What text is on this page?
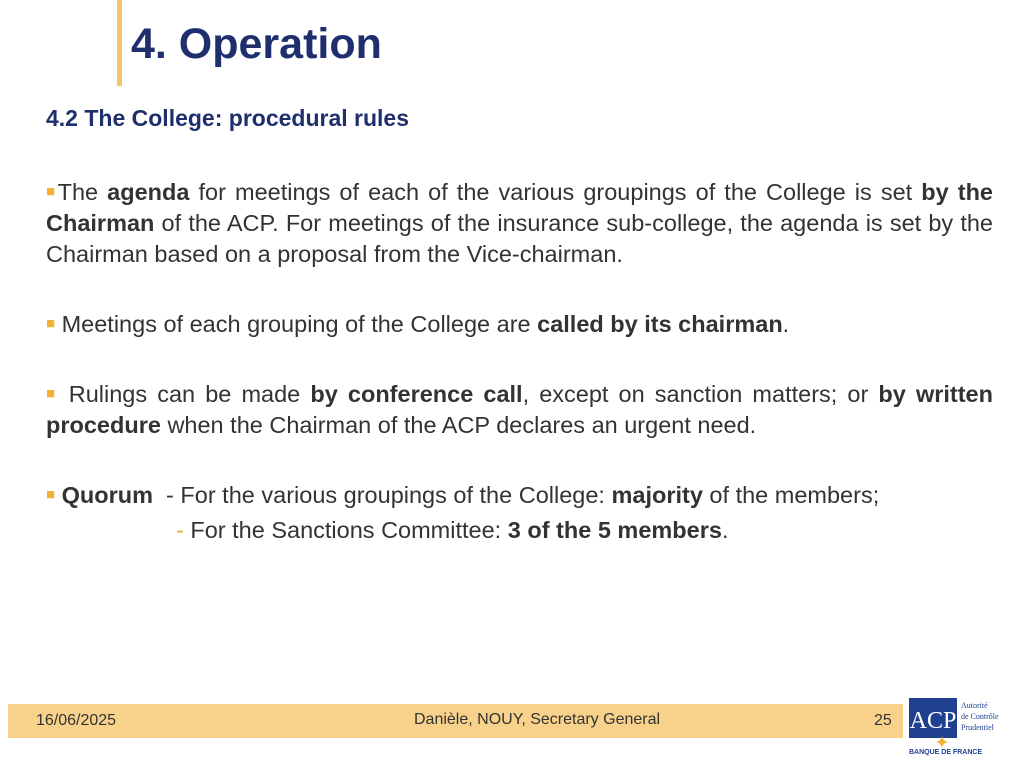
4. Operation
4.2 The College: procedural rules

■The agenda for meetings of each of the various groupings of the College is set by the Chairman of the ACP. For meetings of the insurance sub-college, the agenda is set by the Chairman based on a proposal from the Vice-chairman.

■ Meetings of each grouping of the College are called by its chairman.

■ Rulings can be made by conference call, except on sanction matters; or by written procedure when the Chairman of the ACP declares an urgent need.

■ Quorum - For the various groupings of the College: majority of the members;

- For the Sanctions Committee: 3 of the 5 members.

16/06/2025	Danièle, NOUY, Secretary General	25 ACP
Autorité
de Contrôle
Prudentiel
BANQUE DE FRANCE
